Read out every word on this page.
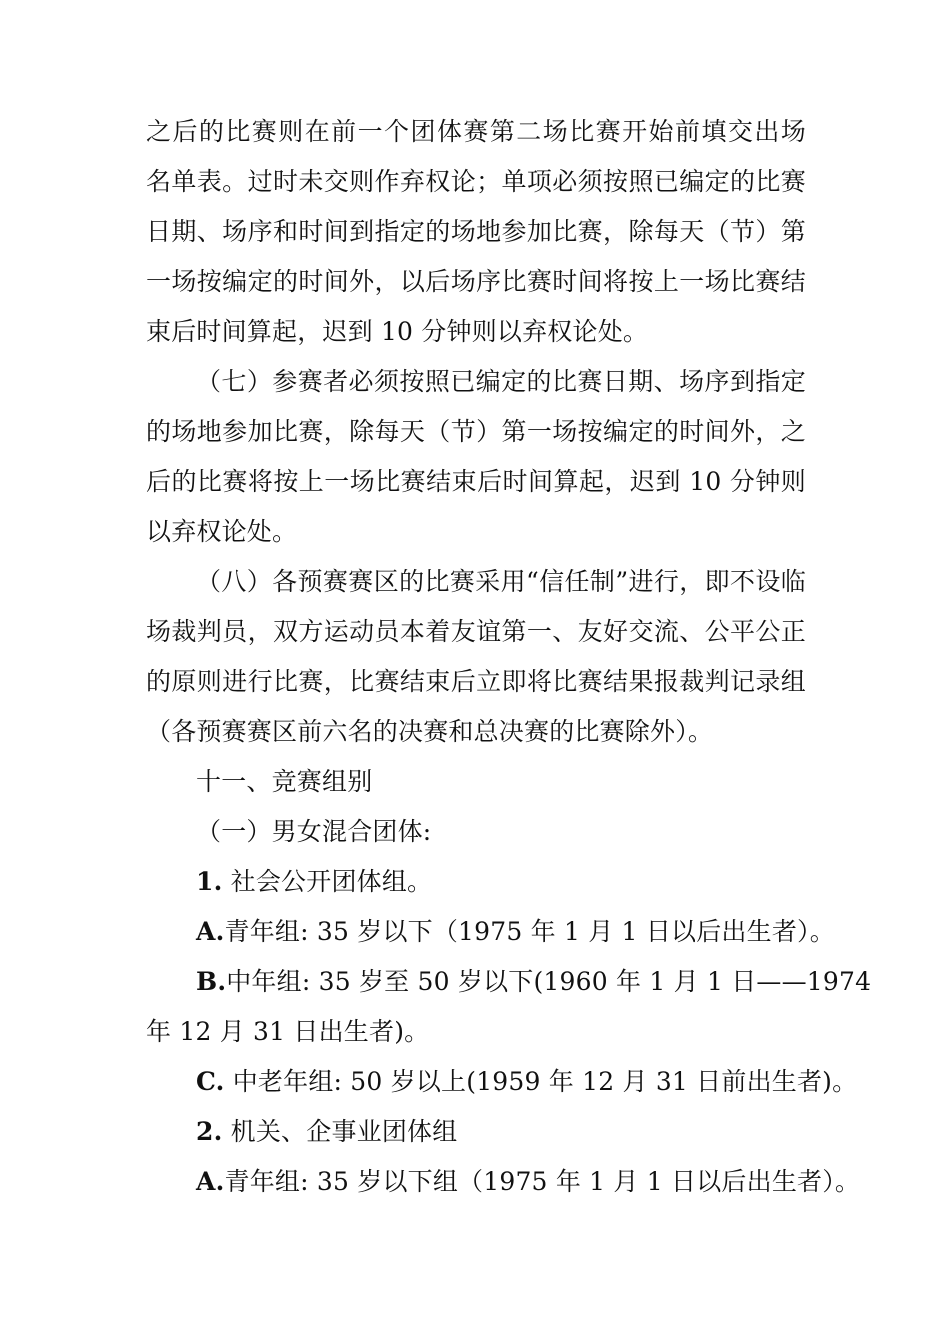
之后的比赛则在前一个团体赛第二场比赛开始前填交出场
名单表。过时未交则作弃权论；单项必须按照已编定的比赛
日期、场序和时间到指定的场地参加比赛，除每天（节）第
一场按编定的时间外，以后场序比赛时间将按上一场比赛结
束后时间算起，迟到 10 分钟则以弃权论处。
（七）参赛者必须按照已编定的比赛日期、场序到指定
的场地参加比赛，除每天（节）第一场按编定的时间外，之
后的比赛将按上一场比赛结束后时间算起，迟到 10 分钟则
以弃权论处。
（八）各预赛赛区的比赛采用“信任制”进行，即不设临
场裁判员，双方运动员本着友谊第一、友好交流、公平公正
的原则进行比赛，比赛结束后立即将比赛结果报裁判记录组
（各预赛赛区前六名的决赛和总决赛的比赛除外）。
十一、竞赛组别
（一）男女混合团体:
1. 社会公开团体组。
A.青年组: 35 岁以下（1975 年 1 月 1 日以后出生者）。
B.中年组: 35 岁至 50 岁以下(1960 年 1 月 1 日——1974
年 12 月 31 日出生者)。
C. 中老年组: 50 岁以上(1959 年 12 月 31 日前出生者)。
2. 机关、企事业团体组
A.青年组: 35 岁以下组（1975 年 1 月 1 日以后出生者）。
